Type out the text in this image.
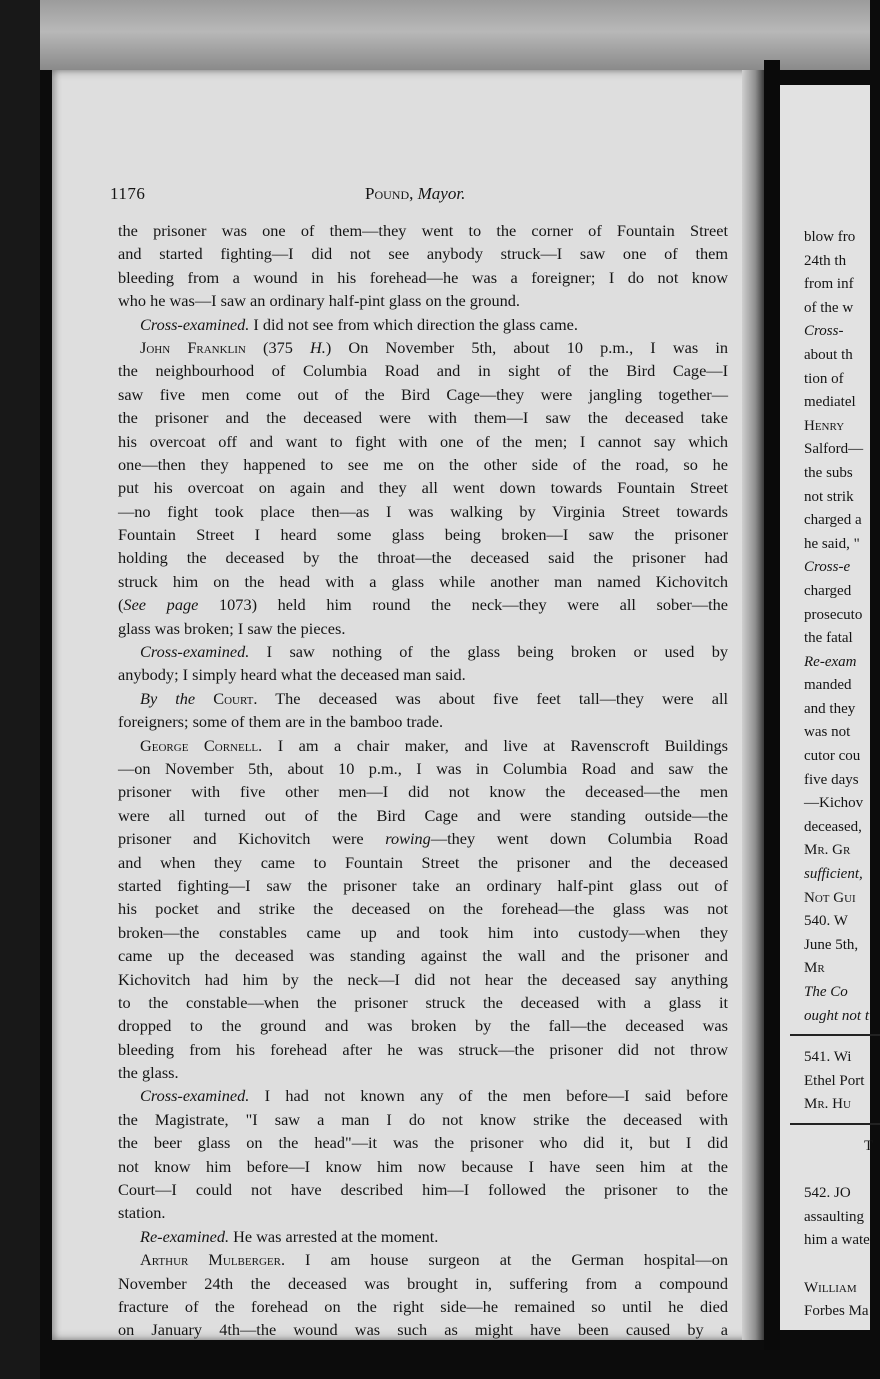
1176	Pound, Mayor.
the prisoner was one of them—they went to the corner of Fountain Street
and started fighting—I did not see anybody struck—I saw one of them
bleeding from a wound in his forehead—he was a foreigner; I do not know
who he was—I saw an ordinary half-pint glass on the ground.
Cross-examined. I did not see from which direction the glass came.
John Franklin (375 H.) On November 5th, about 10 p.m., I was in
the neighbourhood of Columbia Road and in sight of the Bird Cage—I
saw five men come out of the Bird Cage—they were jangling together—
the prisoner and the deceased were with them—I saw the deceased take
his overcoat off and want to fight with one of the men; I cannot say which
one—then they happened to see me on the other side of the road, so he
put his overcoat on again and they all went down towards Fountain Street
—no fight took place then—as I was walking by Virginia Street towards
Fountain Street I heard some glass being broken—I saw the prisoner
holding the deceased by the throat—the deceased said the prisoner had
struck him on the head with a glass while another man named Kichovitch
(See page 1073) held him round the neck—they were all sober—the
glass was broken; I saw the pieces.
Cross-examined. I saw nothing of the glass being broken or used by
anybody; I simply heard what the deceased man said.
By the Court. The deceased was about five feet tall—they were all
foreigners; some of them are in the bamboo trade.
George Cornell. I am a chair maker, and live at Ravenscroft Buildings
—on November 5th, about 10 p.m., I was in Columbia Road and saw the
prisoner with five other men—I did not know the deceased—the men
were all turned out of the Bird Cage and were standing outside—the
prisoner and Kichovitch were rowing—they went down Columbia Road
and when they came to Fountain Street the prisoner and the deceased
started fighting—I saw the prisoner take an ordinary half-pint glass out of
his pocket and strike the deceased on the forehead—the glass was not
broken—the constables came up and took him into custody—when they
came up the deceased was standing against the wall and the prisoner and
Kichovitch had him by the neck—I did not hear the deceased say anything
to the constable—when the prisoner struck the deceased with a glass it
dropped to the ground and was broken by the fall—the deceased was
bleeding from his forehead after he was struck—the prisoner did not throw
the glass.
Cross-examined. I had not known any of the men before—I said before
the Magistrate, "I saw a man I do not know strike the deceased with
the beer glass on the head"—it was the prisoner who did it, but I did
not know him before—I know him now because I have seen him at the
Court—I could not have described him—I followed the prisoner to the
station.
Re-examined. He was arrested at the moment.
Arthur Mulberger. I am house surgeon at the German hospital—on
November 24th the deceased was brought in, suffering from a compound
fracture of the forehead on the right side—he remained so until he died
on January 4th—the wound was such as might have been caused by a
blow fro
24th th
from inf
of the w
Cross-
about th
tion of
mediatel
Henry
Salford—
the subs
not strik
charged a
he said, "
Cross-e
charged
prosecuto
the fatal
Re-exam
manded
and they
was not
cutor cou
five days
—Kichov
deceased,
Mr. Gr
sufficient,
Not Gui
540. W
June 5th,
Mr
The Co
ought not t
541. Wi
Ethel Port
Mr. Hu
T
542. JO
assaulting
him a wate
William
Forbes Ma
